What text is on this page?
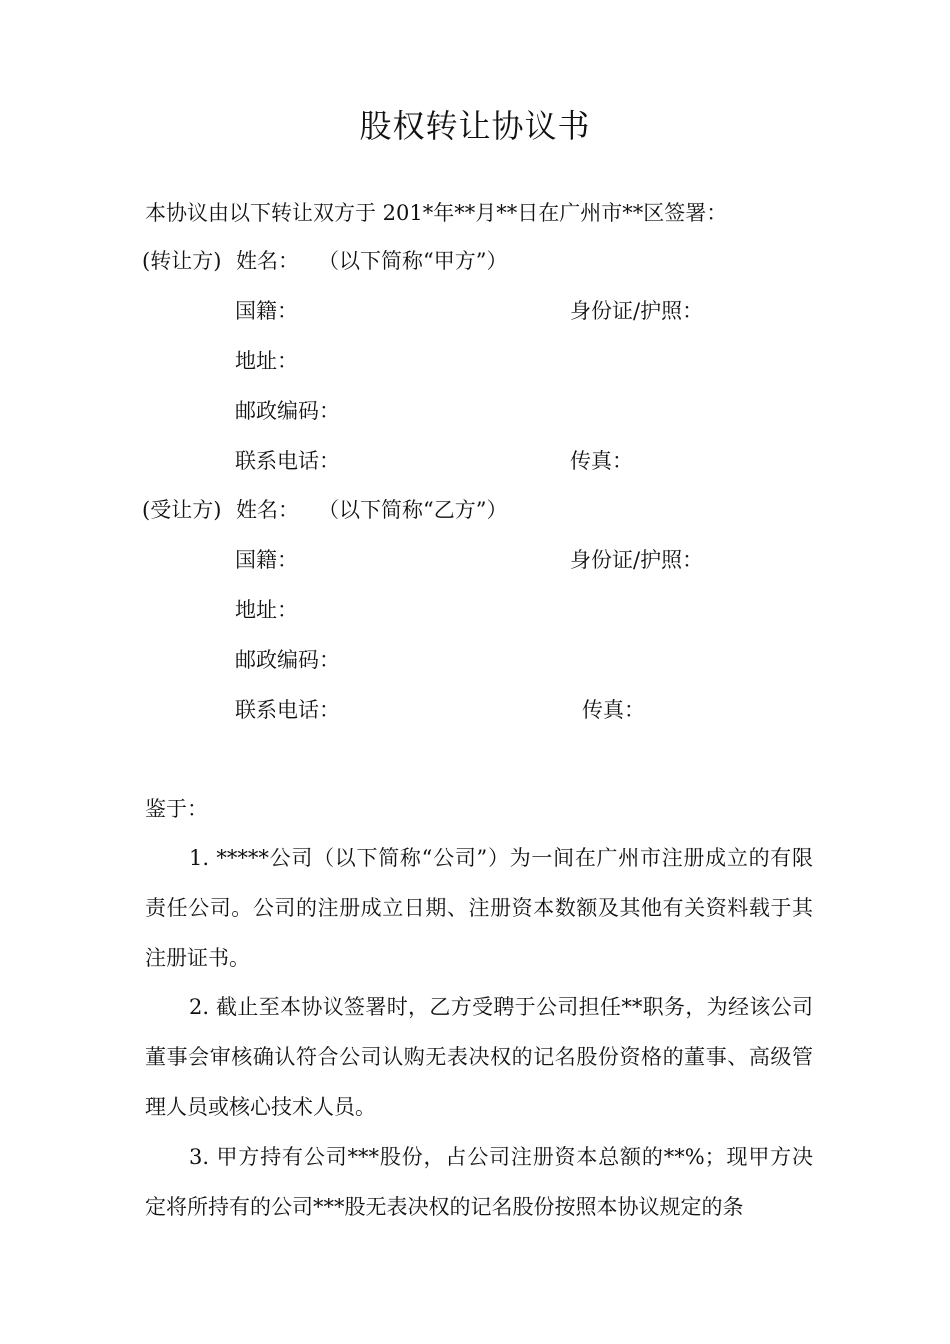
股权转让协议书
本协议由以下转让双方于 201*年**月**日在广州市**区签署：
(转让方) 姓名： （以下简称“甲方”）
国籍：	身份证/护照：
地址：
邮政编码：
联系电话：	传真：
(受让方) 姓名： （以下简称“乙方”）
国籍：	身份证/护照：
地址：
邮政编码：
联系电话：	传真：
鉴于：
1. *****公司（以下简称“公司”）为一间在广州市注册成立的有限责任公司。公司的注册成立日期、注册资本数额及其他有关资料载于其注册证书。
2. 截止至本协议签署时，乙方受聘于公司担任**职务，为经该公司董事会审核确认符合公司认购无表决权的记名股份资格的董事、高级管理人员或核心技术人员。
3. 甲方持有公司***股份，占公司注册资本总额的**%；现甲方决定将所持有的公司***股无表决权的记名股份按照本协议规定的条
